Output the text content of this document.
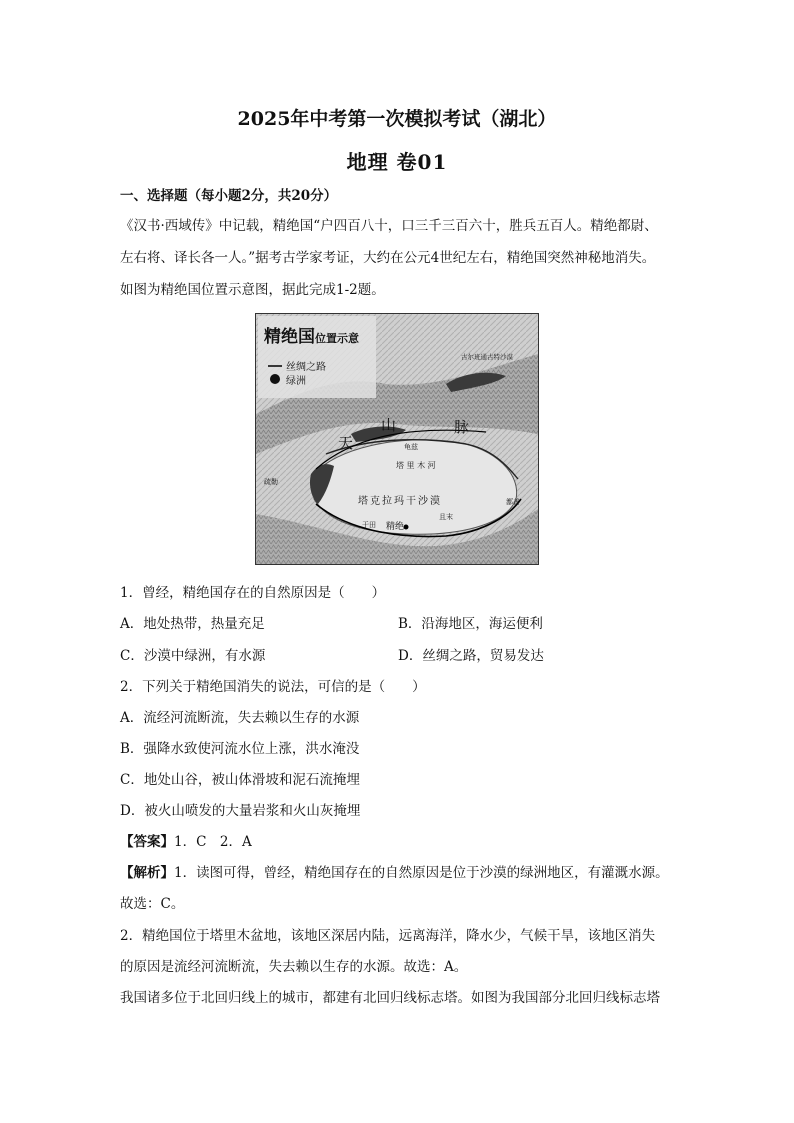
2025年中考第一次模拟考试（湖北）
地理 卷01
一、选择题（每小题2分，共20分）
《汉书·西域传》中记载，精绝国“户四百八十，口三千三百六十，胜兵五百人。精绝都尉、
左右将、译长各一人。”据考古学家考证，大约在公元4世纪左右，精绝国突然神秘地消失。
如图为精绝国位置示意图，据此完成1-2题。
精绝国位置示意
丝绸之路
绿洲
古尔班通古特沙漠
天
山	脉
龟兹
塔 里 木 河
疏勒
塔克拉玛干沙漠	鄯善
且末
于田 精绝
1．曾经，精绝国存在的自然原因是（　　）
A．地处热带，热量充足	B．沿海地区，海运便利
C．沙漠中绿洲，有水源	D．丝绸之路，贸易发达
2．下列关于精绝国消失的说法，可信的是（　　）
A．流经河流断流，失去赖以生存的水源
B．强降水致使河流水位上涨，洪水淹没
C．地处山谷，被山体滑坡和泥石流掩埋
D．被火山喷发的大量岩浆和火山灰掩埋
【答案】1．C　2．A
【解析】1．读图可得，曾经，精绝国存在的自然原因是位于沙漠的绿洲地区，有灌溉水源。
故选：C。
2．精绝国位于塔里木盆地，该地区深居内陆，远离海洋，降水少，气候干旱，该地区消失
的原因是流经河流断流，失去赖以生存的水源。故选：A。
我国诸多位于北回归线上的城市，都建有北回归线标志塔。如图为我国部分北回归线标志塔
